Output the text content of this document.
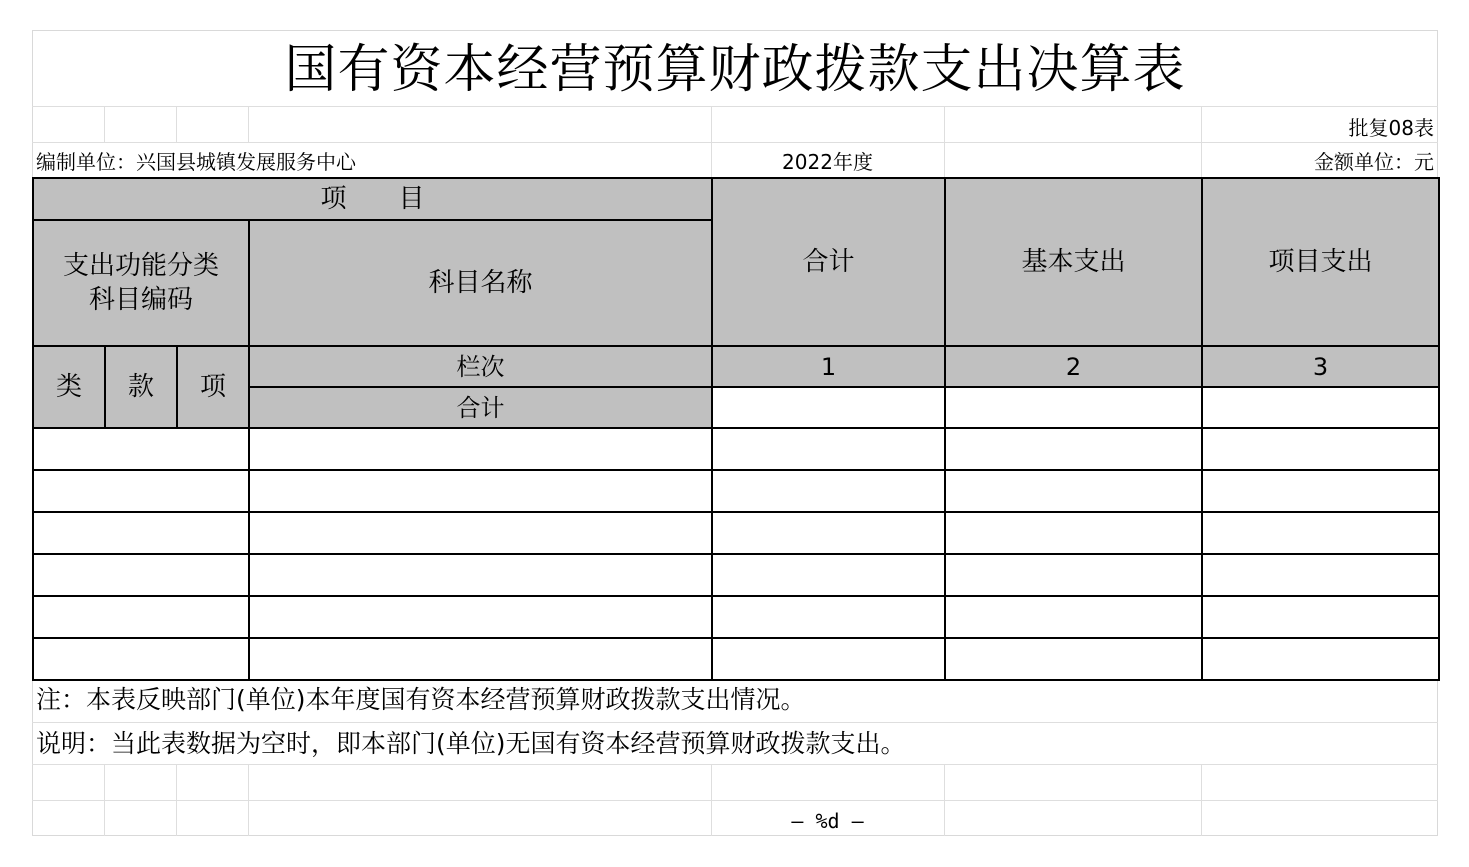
国有资本经营预算财政拨款支出决算表
批复08表
编制单位：兴国县城镇发展服务中心	2022年度	金额单位：元
项　　目				合计	基本支出	项目支出
支出功能分类
科目编码			科目名称			
类	款	项	栏次	1	2	3
			合计			

注：本表反映部门(单位)本年度国有资本经营预算财政拨款支出情况。
说明：当此表数据为空时，即本部门(单位)无国有资本经营预算财政拨款支出。
— %d —
